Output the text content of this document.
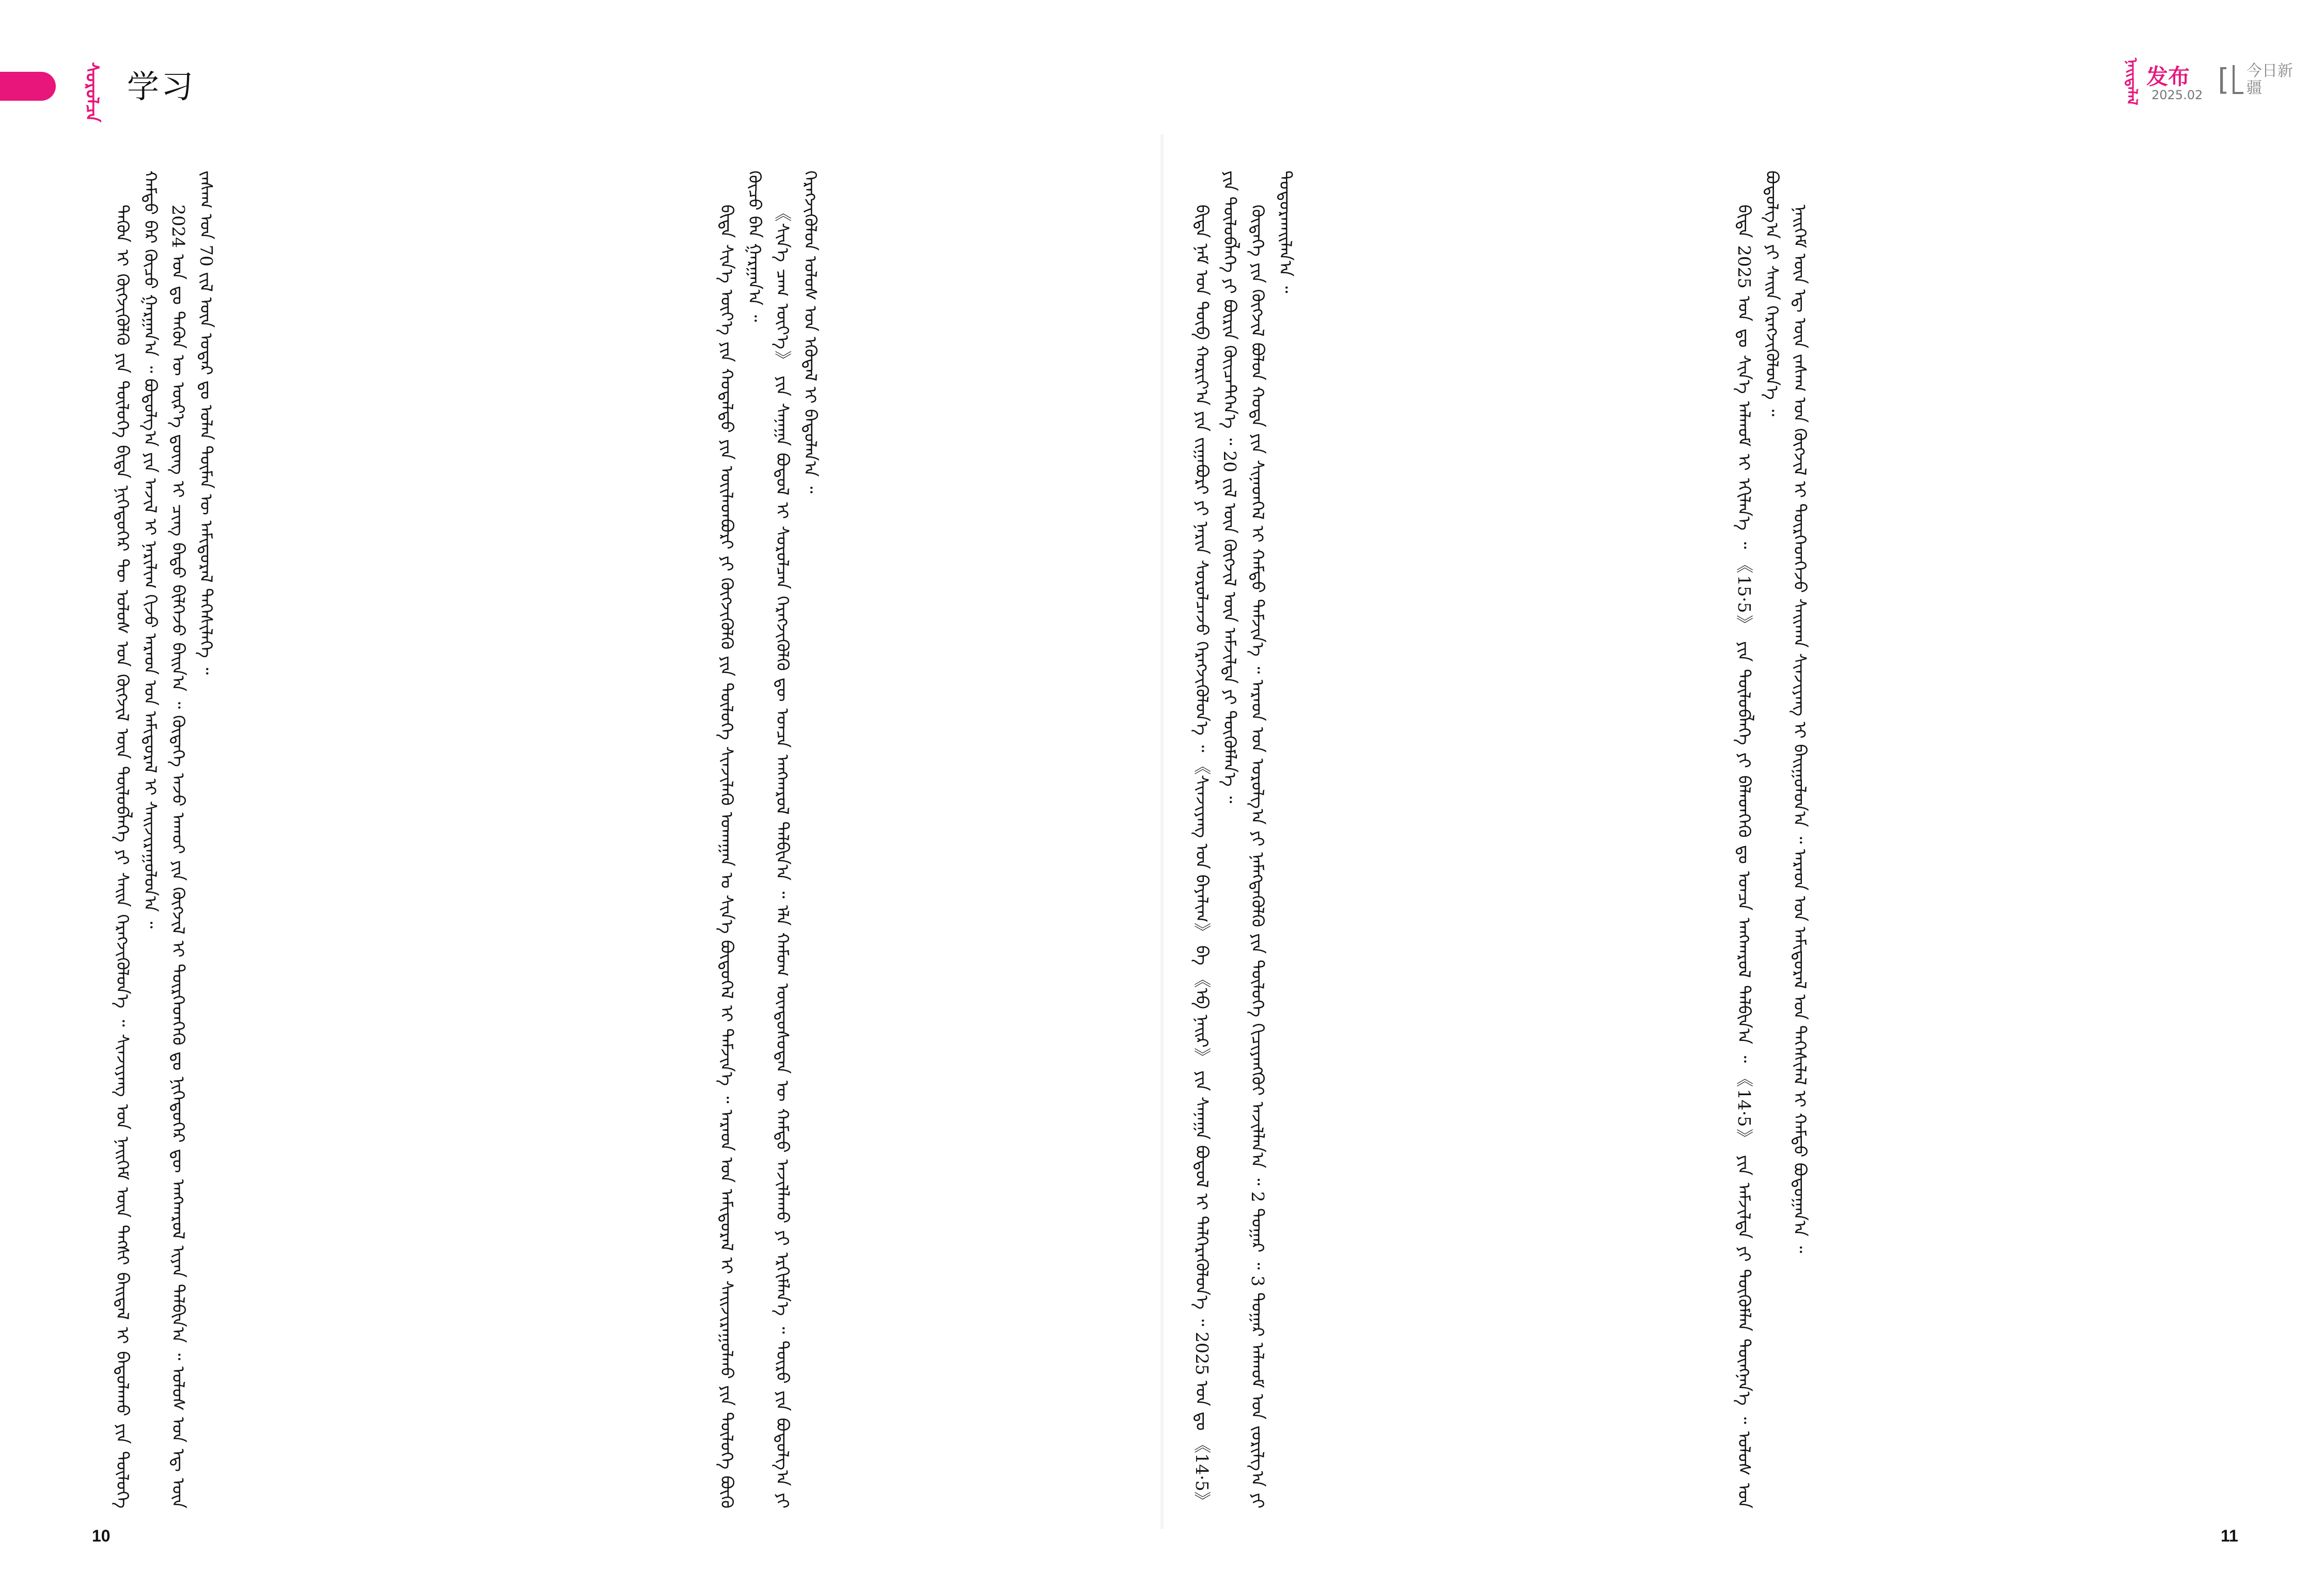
ᠰᠤᠷᠤᠯᠴᠠ 学习	ᠨᠡᠢᠲᠡᠯᠡᠯ 发布
2025.02 [ 今日新疆

ᠲᠡᠭᠦᠨ ᠢ ᠬᠥᠭᠵᠢᠭᠦᠯᠬᠦ ᠶᠢᠨ ᠲᠥᠯᠥᠭᠡ ᠪᠢᠳᠡ ᠨᠢᠭᠡᠳᠦᠭᠡᠷ ᠲᠦ ᠤᠯᠤᠰ ᠤᠨ ᠬᠥᠭᠵᠢᠯ ᠦᠨ ᠲᠥᠯᠥᠪᠯᠡᠭᠡ ᠶᠢ ᠰᠠᠢᠨ ᠬᠡᠷᠡᠭᠵᠢᠭᠦᠯᠦᠨ᠎ᠡ ᠃ ᠰᠢᠨᠵᠢᠶᠠᠩ ᠤᠨ ᠨᠡᠢᠭᠡᠮ ᠦᠨ ᠲᠡᠭᠰᠢ ᠪᠠᠢᠳᠠᠯ ᠢ ᠪᠠᠲᠤᠯᠠᠬᠤ ᠶᠢᠨ ᠲᠥᠯᠥᠭᠡ ᠬᠠᠮᠲᠤ ᠪᠡᠷ ᠬᠦᠴᠦ ᠭᠠᠷᠭᠠᠨ᠎ᠠ ᠃ ᠪᠣᠳᠣᠯᠭ᠎ᠠ ᠶᠢᠨ ᠠᠵᠢᠯ ᠢ ᠨᠠᠷᠢᠯᠢᠭ ᠬᠢᠵᠦ ᠠᠷᠠᠳ ᠤᠨ ᠠᠮᠢᠳᠤᠷᠠᠯ ᠢ ᠰᠠᠢᠵᠢᠷᠠᠭᠤᠯᠤᠨ᠎ᠠ ᠃ 2024 ᠣᠨ ᠳᠤ ᠲᠡᠭᠦᠨ ᠦ ᠦᠷ᠎ᠡ ᠳ᠋ᠦᠩ ᠢ ᠴᠢᠩ ᠪᠠᠲᠤ ᠪᠢᠯᠭᠡᠵᠦ ᠪᠠᠢᠨ᠎ᠠ ᠃ ᠬᠥᠳᠡᠭᠡ ᠠᠵᠤ ᠠᠬᠤᠢ ᠶᠢᠨ ᠬᠥᠭᠵᠢᠯ ᠢ ᠲᠦᠷᠭᠡᠳᠭᠡᠬᠦ ᠳᠤ ᠨᠢᠭᠡᠳᠦᠭᠡᠷ ᠳᠦ ᠠᠩᠬᠠᠷᠤᠯ ᠢᠶᠠᠨ ᠲᠠᠯᠪᠢᠨ᠎ᠠ ᠃ ᠤᠯᠤᠰ ᠤᠨ ᠡᠳ᠋ ᠦᠨ ᠵᠠᠰᠠᠭ ᠤᠨ 70 ᠵᠢᠯ ᠦᠨ ᠤᠳᠠᠷ ᠳᠤ ᠣᠯᠠᠨ ᠲᠦᠮᠡᠨ ᠦ ᠠᠮᠢᠳᠤᠷᠠᠯ ᠳᠡᠭᠡᠰᠢᠯᠡᠭᠡ ᠃	ᠪᠢᠳᠡ ᠰᠢᠨ᠎ᠡ ᠦᠶ᠎ᠡ ᠶᠢᠨ ᠬᠤᠳᠠᠯᠳᠤ ᠶᠢᠨ ᠦᠢᠯᠡᠳᠪᠦᠷᠢ ᠶᠢ ᠬᠥᠭᠵᠢᠭᠦᠯᠬᠦ ᠶᠢᠨ ᠲᠥᠯᠥᠭᠡ ᠰᠢᠨᠵᠢᠯᠡᠬᠦ ᠤᠬᠠᠭᠠᠨ ᠤ ᠰᠢᠨ᠎ᠡ ᠪᠦᠲᠦᠭᠡᠯ ᠢ ᠳᠡᠮᠵᠢᠨ᠎ᠡ ᠃ ᠠᠷᠠᠳ ᠤᠨ ᠠᠮᠢᠳᠤᠷᠠᠯ ᠢ ᠰᠠᠢᠵᠢᠷᠠᠭᠤᠯᠬᠤ ᠶᠢᠨ ᠲᠥᠯᠥᠭᠡ ᠪᠦᠬᠦ ᠬᠦᠴᠦ ᠪᠡᠨ ᠭᠠᠷᠭᠠᠨ᠎ᠠ ᠃ 《ᠰᠢᠨ᠎ᠡ ᠴᠠᠭ ᠦᠶ᠎ᠡ》 ᠶᠢᠨ ᠰᠠᠨᠠᠭᠠ ᠪᠣᠳᠣᠯ ᠢ ᠰᠤᠷᠤᠯᠴᠠᠨ ᠬᠡᠷᠡᠭᠵᠢᠭᠦᠯᠬᠦ ᠳᠦ ᠣᠨᠴᠠ ᠠᠩᠬᠠᠷᠤᠯ ᠲᠠᠯᠪᠢᠨ᠎ᠠ ᠃ ᠡᠯᠡ ᠬᠠᠮᠤᠭ ᠦᠨᠳᠦᠰᠦᠲᠡᠨ ᠦ ᠬᠠᠮᠲᠤ ᠠᠵᠢᠯᠯᠠᠬᠤ ᠶᠢ ᠡᠷᠬᠢᠮᠯᠡᠨ᠎ᠡ ᠃ ᠲᠥᠷᠦ ᠶᠢᠨ ᠪᠣᠳᠣᠯᠭ᠎ᠠ ᠶᠢ ᠬᠡᠷᠡᠭᠵᠢᠭᠦᠯᠦᠨ ᠤᠯᠤᠰ ᠤᠨ ᠡᠭᠦᠳᠡᠯ ᠢ ᠪᠠᠲᠤᠯᠠᠨ᠎ᠠ ᠃	ᠪᠢᠳᠡ ᠨᠠᠮ ᠤᠨ ᠲᠥᠪ ᠬᠣᠷᠢᠶ᠎ᠠ ᠶᠢᠨ ᠵᠢᠭᠠᠪᠤᠷᠢ ᠶᠢ ᠨᠠᠷᠢᠨ ᠰᠤᠷᠤᠯᠴᠠᠵᠤ ᠬᠡᠷᠡᠭᠵᠢᠭᠦᠯᠦᠨ᠎ᠡ ᠃ 《ᠰᠢᠨᠵᠢᠶᠠᠩ ᠤᠨ ᠪᠠᠶᠠᠯᠢᠭ》 ᠪᠠ 《ᠡᠪ ᠨᠠᠢᠷ》 ᠶᠢᠨ ᠰᠠᠨᠠᠭᠠ ᠪᠣᠳᠣᠯ ᠢ ᠳᠡᠯᠭᠡᠷᠡᠭᠦᠯᠦᠨ᠎ᠡ ᠃ 2025 ᠣᠨ ᠳᠤ 《14·5》 ᠶᠢᠨ ᠲᠥᠯᠥᠪᠯᠡᠭᠡ ᠶᠢ ᠪᠦᠷᠢᠨ ᠭᠦᠢᠴᠡᠲᠬᠡᠨ᠎ᠡ ᠃ 20 ᠵᠢᠯ ᠦᠨ ᠬᠥᠭᠵᠢᠯ ᠦᠨ ᠠᠮᠵᠢᠯᠲᠠ ᠶᠢ ᠳᠦᠬᠦᠮᠯᠡᠨ᠎ᠡ ᠃ ᠬᠥᠳᠡᠭᠡ ᠶᠢᠨ ᠬᠥᠭᠵᠢᠯ ᠪᠣᠯᠤᠨ ᠬᠣᠲᠠ ᠶᠢᠨ ᠰᠢᠨᠡᠳᠬᠡᠯ ᠢ ᠬᠠᠮᠲᠤ ᠳᠡᠮᠵᠢᠨ᠎ᠡ ᠃ ᠠᠷᠠᠳ ᠤᠨ ᠣᠷᠣᠯᠭ᠎ᠠ ᠶᠢ ᠨᠡᠮᠡᠭᠳᠡᠭᠦᠯᠬᠦ ᠶᠢᠨ ᠲᠥᠯᠥᠭᠡ ᠬᠢᠴᠢᠶᠡᠩᠭᠦᠢ ᠠᠵᠢᠯᠯᠠᠨ᠎ᠠ ᠃ 2 ᠳᠤᠭᠠᠷ ᠃ 3 ᠳᠤᠭᠠᠷ ᠠᠯᠬᠤᠮ ᠤᠨ ᠵᠣᠷᠢᠯᠭ᠎ᠠ ᠶᠢ ᠲᠣᠳᠣᠷᠬᠠᠢᠯᠠᠨ᠎ᠠ ᠃	ᠪᠢᠳᠡ 2025 ᠣᠨ ᠳᠤ ᠰᠢᠨ᠎ᠡ ᠠᠯᠬᠤᠮ ᠢ ᠡᠬᠢᠯᠡᠨ᠎ᠡ ᠃ 《15·5》 ᠶᠢᠨ ᠲᠥᠯᠥᠪᠯᠡᠭᠡ ᠶᠢ ᠪᠡᠯᠡᠳᠬᠡᠬᠦ ᠳᠤ ᠣᠨᠴᠠ ᠠᠩᠬᠠᠷᠤᠯ ᠲᠠᠯᠪᠢᠨ᠎ᠠ ᠃ 《14·5》 ᠶᠢᠨ ᠠᠮᠵᠢᠯᠲᠠ ᠶᠢ ᠳᠦᠭᠦᠮᠯᠡᠨ ᠳᠦᠩᠨᠡᠨ᠎ᠡ ᠃ ᠤᠯᠤᠰ ᠤᠨ ᠪᠣᠳᠣᠯᠭ᠎ᠠ ᠶᠢ ᠰᠠᠢᠨ ᠬᠡᠷᠡᠭᠵᠢᠭᠦᠯᠦᠨ᠎ᠡ ᠃ ᠨᠡᠢᠭᠡᠮ ᠦᠨ ᠡᠳ᠋ ᠦᠨ ᠵᠠᠰᠠᠭ ᠤᠨ ᠬᠥᠭᠵᠢᠯ ᠢ ᠲᠦᠷᠭᠡᠳᠭᠡᠵᠦ ᠰᠠᠢᠬᠠᠨ ᠰᠢᠨᠵᠢᠶᠠᠩ ᠢ ᠪᠠᠢᠭᠤᠯᠤᠨ᠎ᠠ ᠃ ᠠᠷᠠᠳ ᠤᠨ ᠠᠮᠢᠳᠤᠷᠠᠯ ᠤᠨ ᠳᠡᠭᠡᠰᠢᠯᠡᠯ ᠢ ᠬᠠᠮᠲᠤ ᠪᠤᠲᠤᠭᠠᠨ᠎ᠠ ᠃

10	11
